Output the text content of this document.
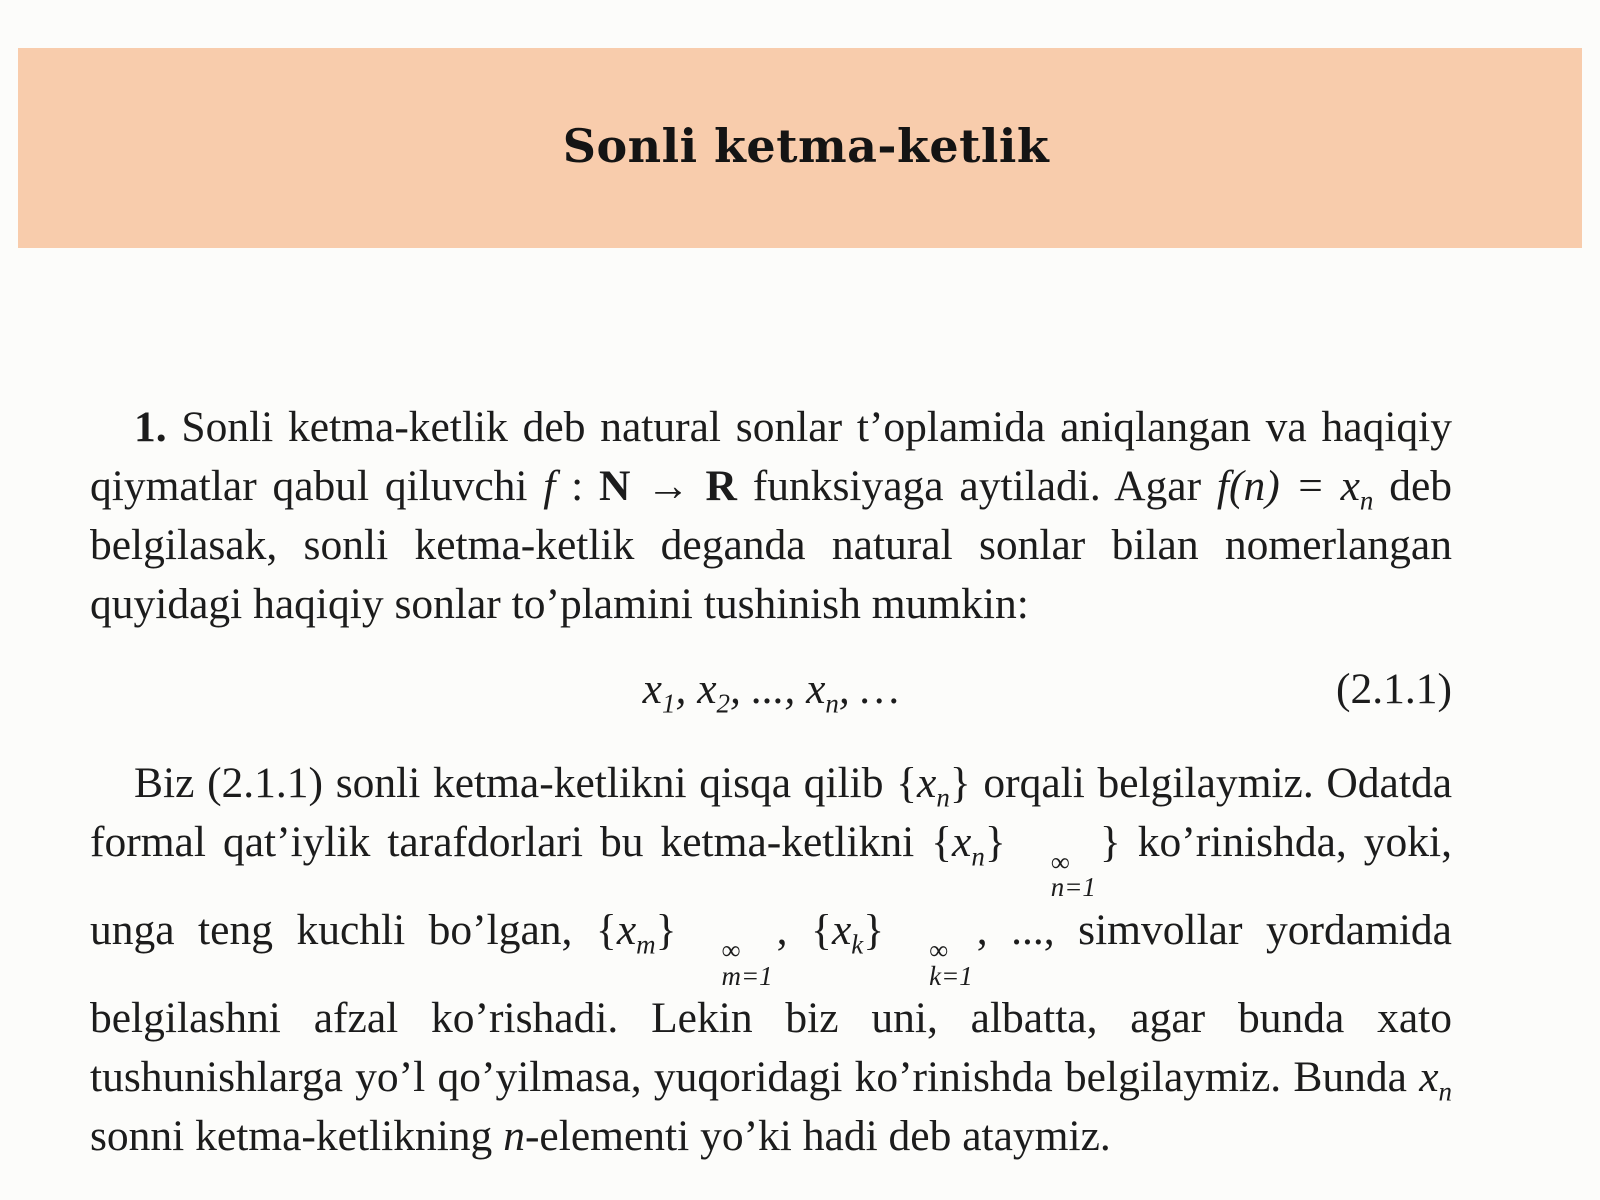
Sonli ketma-ketlik

1. Sonli ketma-ketlik deb natural sonlar t’oplamida aniqlangan va haqiqiy qiymatlar qabul qiluvchi f : N → R funksiyaga aytiladi. Agar $f(n) = x_n$ deb belgilasak, sonli ketma-ketlik deganda natural sonlar bilan nomerlangan quyidagi haqiqiy sonlar to’plamini tushinish mumkin:

$x_1$, $x_2$, ..., $x_n$, …	(2.1.1)

Biz (2.1.1) sonli ketma-ketlikni qisqa qilib $\{x_n\}$ orqali belgilaymiz. Odatda formal qat’iylik tarafdorlari bu ketma-ketlikni $\{x_n\}$	∞
n=1
} ko’rinishda, yoki, unga teng kuchli bo’lgan, $\{x_m\}$	∞
m=1
, $\{x_k\}$	∞
k=1
, ..., simvollar yordamida belgilashni afzal ko’rishadi. Lekin biz uni, albatta, agar bunda xato tushunishlarga yo’l qo’yilmasa, yuqoridagi ko’rinishda belgilaymiz. Bunda $x_n$ sonni ketma-ketlikning n-elementi yo’ki hadi deb ataymiz.
